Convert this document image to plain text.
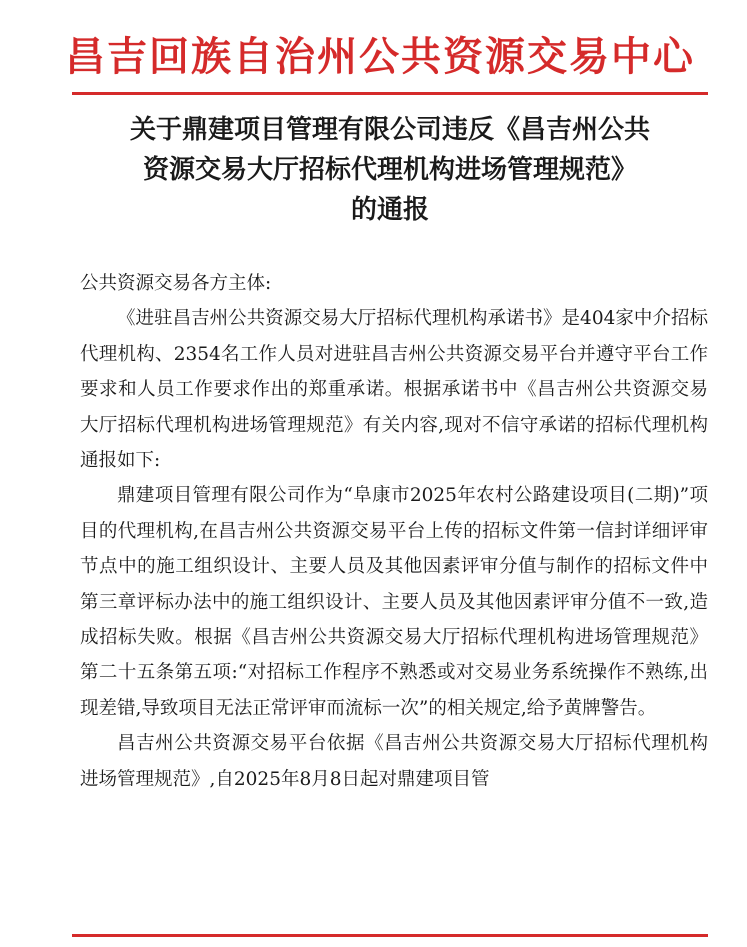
昌吉回族自治州公共资源交易中心
关于鼎建项目管理有限公司违反《昌吉州公共
资源交易大厅招标代理机构进场管理规范》
的通报

公共资源交易各方主体:

《进驻昌吉州公共资源交易大厅招标代理机构承诺书》是404家中介招标代理机构、2354名工作人员对进驻昌吉州公共资源交易平台并遵守平台工作要求和人员工作要求作出的郑重承诺。根据承诺书中《昌吉州公共资源交易大厅招标代理机构进场管理规范》有关内容,现对不信守承诺的招标代理机构通报如下:

鼎建项目管理有限公司作为“阜康市2025年农村公路建设项目(二期)”项目的代理机构,在昌吉州公共资源交易平台上传的招标文件第一信封详细评审节点中的施工组织设计、主要人员及其他因素评审分值与制作的招标文件中第三章评标办法中的施工组织设计、主要人员及其他因素评审分值不一致,造成招标失败。根据《昌吉州公共资源交易大厅招标代理机构进场管理规范》第二十五条第五项:“对招标工作程序不熟悉或对交易业务系统操作不熟练,出现差错,导致项目无法正常评审而流标一次”的相关规定,给予黄牌警告。

昌吉州公共资源交易平台依据《昌吉州公共资源交易大厅招标代理机构进场管理规范》,自2025年8月8日起对鼎建项目管
